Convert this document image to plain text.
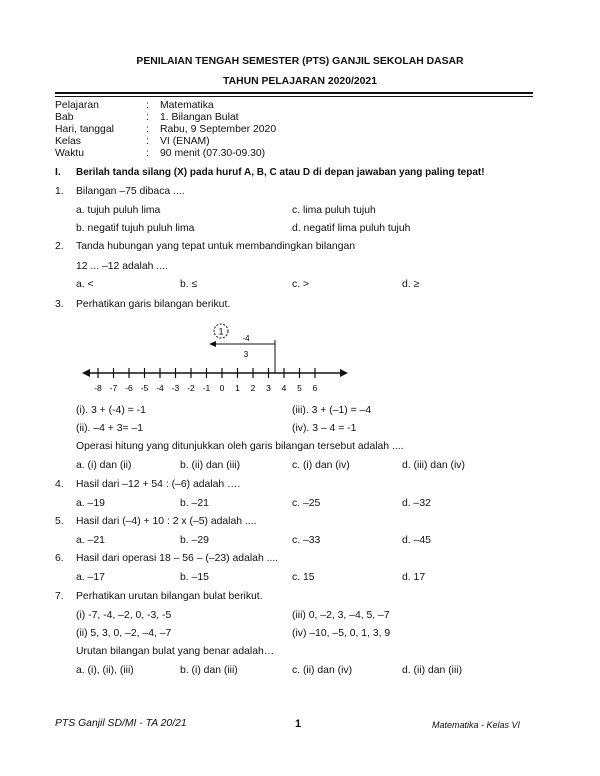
PENILAIAN TENGAH SEMESTER (PTS) GANJIL SEKOLAH DASAR
TAHUN PELAJARAN 2020/2021
Pelajaran	: Matematika
Bab	: 1. Bilangan Bulat
Hari, tanggal	: Rabu, 9 September 2020
Kelas	: VI (ENAM)
Waktu	: 90 menit (07.30-09.30)
I. Berilah tanda silang (X) pada huruf A, B, C atau D di depan jawaban yang paling tepat!
1. Bilangan –75 dibaca ....
a. tujuh puluh lima	c. lima puluh tujuh
b. negatif tujuh puluh lima	d. negatif lima puluh tujuh
2. Tanda hubungan yang tepat untuk membandingkan bilangan
12 ... –12 adalah ....
a. <	b. ≤	c. >	d. ≥
3. Perhatikan garis bilangan berikut.
-8 -7 -6 -5 -4 -3 -2 -1 0 1 2 3 4 5 6
1
-4
3
(i). 3 + (-4) = -1	(iii). 3 + (–1) = –4
(ii). –4 + 3= –1	(iv). 3 – 4 = -1
Operasi hitung yang ditunjukkan oleh garis bilangan tersebut adalah ....
a. (i) dan (ii)	b. (ii) dan (iii)	c. (i) dan (iv)	d. (iii) dan (iv)
4. Hasil dari –12 + 54 : (–6) adalah ….
a. –19	b. –21	c. –25	d. –32
5. Hasil dari (–4) + 10 : 2 x (–5) adalah ....
a. –21	b. –29	c. –33	d. –45
6. Hasil dari operasi 18 – 56 – (–23) adalah ....
a. –17	b. –15	c. 15	d. 17
7. Perhatikan urutan bilangan bulat berikut.
(i) -7, -4, –2, 0, -3, -5	(iii) 0, –2, 3, –4, 5, –7
(ii) 5, 3, 0, –2, –4, –7	(iv) –10, –5, 0, 1, 3, 9
Urutan bilangan bulat yang benar adalah…
a. (i), (ii), (iii)	b. (i) dan (iii)	c. (ii) dan (iv)	d. (ii) dan (iii)
PTS Ganjil SD/MI - TA 20/21	1	Matematika - Kelas VI
